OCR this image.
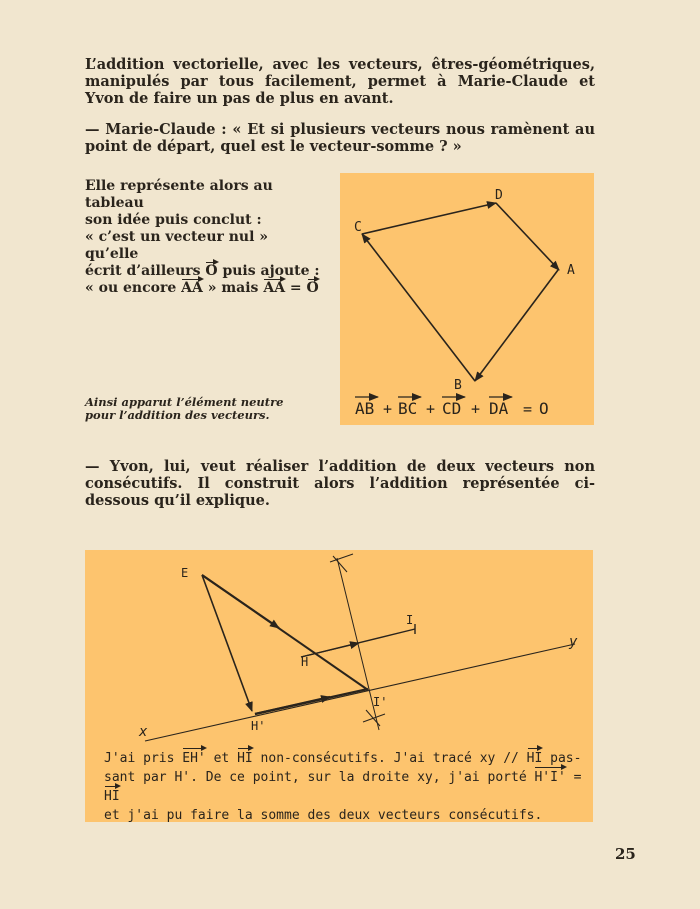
L’addition vectorielle, avec les vecteurs, êtres-géométriques, manipulés par tous facilement, permet à Marie-Claude et Yvon de faire un pas de plus en avant.

— Marie-Claude : « Et si plusieurs vecteurs nous ramènent au point de départ, quel est le vecteur-somme ? »

Elle représente alors au tableau
son idée puis conclut :
« c’est un vecteur nul » qu’elle
écrit d’ailleurs O puis ajoute :
« ou encore AA » mais AA = O

Ainsi apparut l’élément neutre pour l’addition des vecteurs.

D
C
A
B
AB + BC + CD + DA = O

— Yvon, lui, veut réaliser l’addition de deux vecteurs non consécutifs. Il construit alors l’addition représentée ci-dessous qu’il explique.

E
H
I
I'
H'
x
y
J'ai pris EH' et HI non-consécutifs. J'ai tracé xy // HI pas-
sant par H'. De ce point, sur la droite xy, j'ai porté H'I' = HI
et j'ai pu faire la somme des deux vecteurs consécutifs.

25
